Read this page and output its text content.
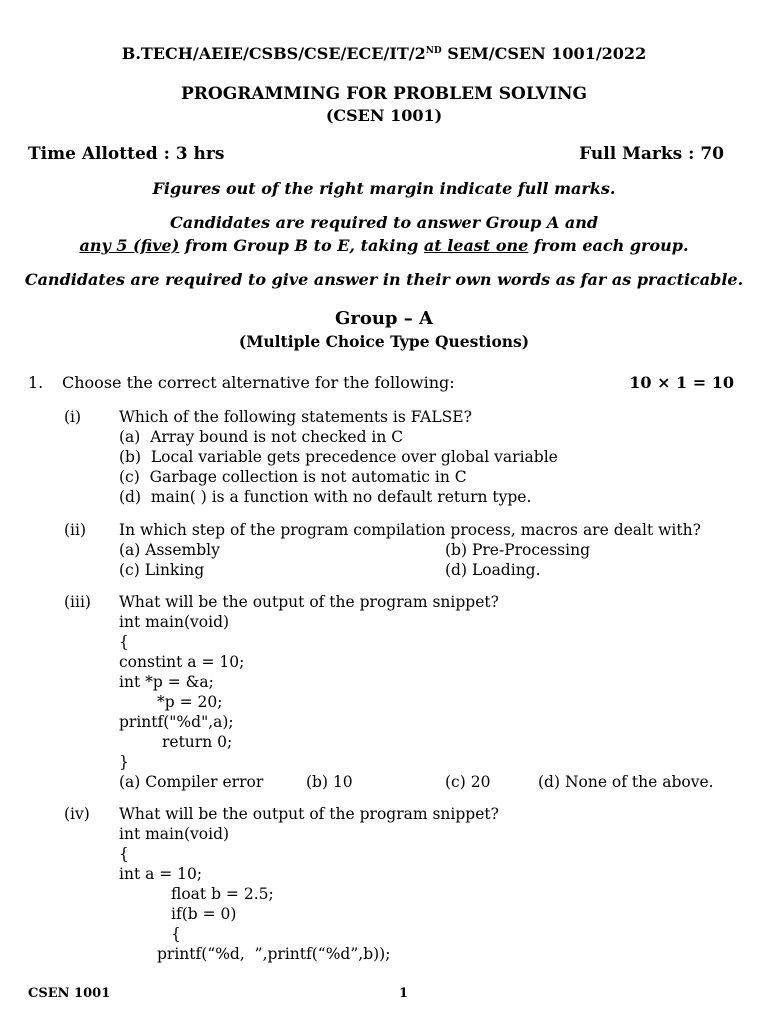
B.TECH/AEIE/CSBS/CSE/ECE/IT/2ND SEM/CSEN 1001/2022
PROGRAMMING FOR PROBLEM SOLVING
(CSEN 1001)
Time Allotted : 3 hrs	Full Marks : 70
Figures out of the right margin indicate full marks.
Candidates are required to answer Group A and
any 5 (five) from Group B to E, taking at least one from each group.
Candidates are required to give answer in their own words as far as practicable.
Group – A
(Multiple Choice Type Questions)
1. Choose the correct alternative for the following:	10 × 1 = 10
(i) Which of the following statements is FALSE?
(a)  Array bound is not checked in C
(b)  Local variable gets precedence over global variable
(c)  Garbage collection is not automatic in C
(d)  main( ) is a function with no default return type.
(ii) In which step of the program compilation process, macros are dealt with?
(a) Assembly	(b) Pre-Processing
(c) Linking	(d) Loading.
(iii) What will be the output of the program snippet?
int main(void)
{
constint a = 10;
int *p = &a;
*p = 20;
printf("%d",a);
return 0;
}
(a) Compiler error	(b) 10	(c) 20	(d) None of the above.
(iv) What will be the output of the program snippet?
int main(void)
{
int a = 10;
float b = 2.5;
if(b = 0)
{
printf(“%d,  ”,printf(“%d”,b));
CSEN 1001	1
